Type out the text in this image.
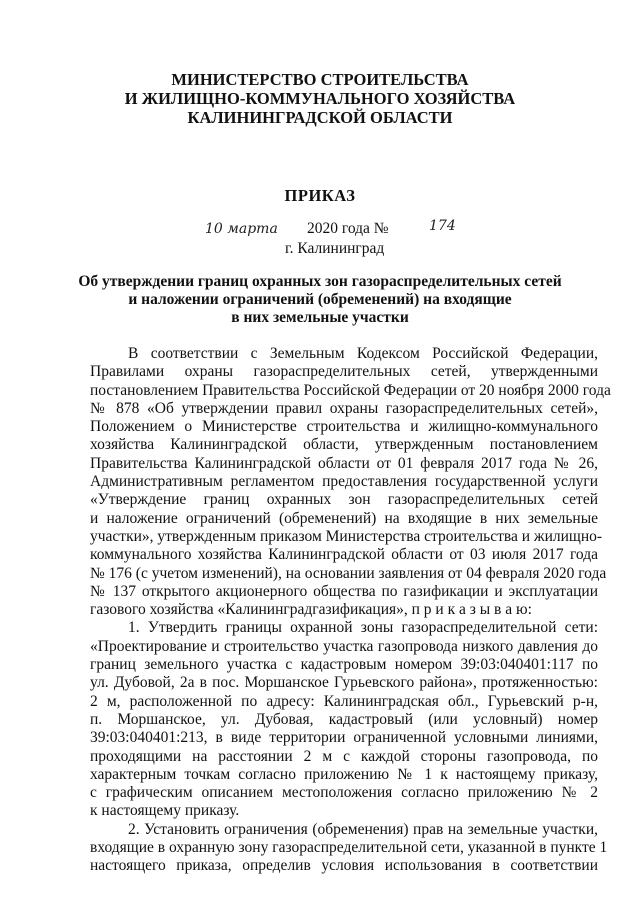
МИНИСТЕРСТВО СТРОИТЕЛЬСТВА
И ЖИЛИЩНО-КОММУНАЛЬНОГО ХОЗЯЙСТВА
КАЛИНИНГРАДСКОЙ ОБЛАСТИ
ПРИКАЗ
10 марта	2020 года №	174
г. Калининград
Об утверждении границ охранных зон газораспределительных сетей
и наложении ограничений (обременений) на входящие
в них земельные участки

В соответствии с Земельным Кодексом Российской Федерации,
Правилами охраны газораспределительных сетей, утвержденными
постановлением Правительства Российской Федерации от 20 ноября 2000 года
№ 878 «Об утверждении правил охраны газораспределительных сетей»,
Положением о Министерстве строительства и жилищно-коммунального
хозяйства Калининградской области, утвержденным постановлением
Правительства Калининградской области от 01 февраля 2017 года № 26,
Административным регламентом предоставления государственной услуги
«Утверждение границ охранных зон газораспределительных сетей
и наложение ограничений (обременений) на входящие в них земельные
участки», утвержденным приказом Министерства строительства и жилищно-
коммунального хозяйства Калининградской области от 03 июля 2017 года
№ 176 (с учетом изменений), на основании заявления от 04 февраля 2020 года
№ 137 открытого акционерного общества по газификации и эксплуатации
газового хозяйства «Калининградгазификация», п р и к а з ы в а ю:

1. Утвердить границы охранной зоны газораспределительной сети:
«Проектирование и строительство участка газопровода низкого давления до
границ земельного участка с кадастровым номером 39:03:040401:117 по
ул. Дубовой, 2а в пос. Моршанское Гурьевского района», протяженностью:
2 м, расположенной по адресу: Калининградская обл., Гурьевский р-н,
п. Моршанское, ул. Дубовая, кадастровый (или условный) номер
39:03:040401:213, в виде территории ограниченной условными линиями,
проходящими на расстоянии 2 м с каждой стороны газопровода, по
характерным точкам согласно приложению № 1 к настоящему приказу,
с графическим описанием местоположения согласно приложению № 2
к настоящему приказу.

2. Установить ограничения (обременения) прав на земельные участки,
входящие в охранную зону газораспределительной сети, указанной в пункте 1
настоящего приказа, определив условия использования в соответствии
